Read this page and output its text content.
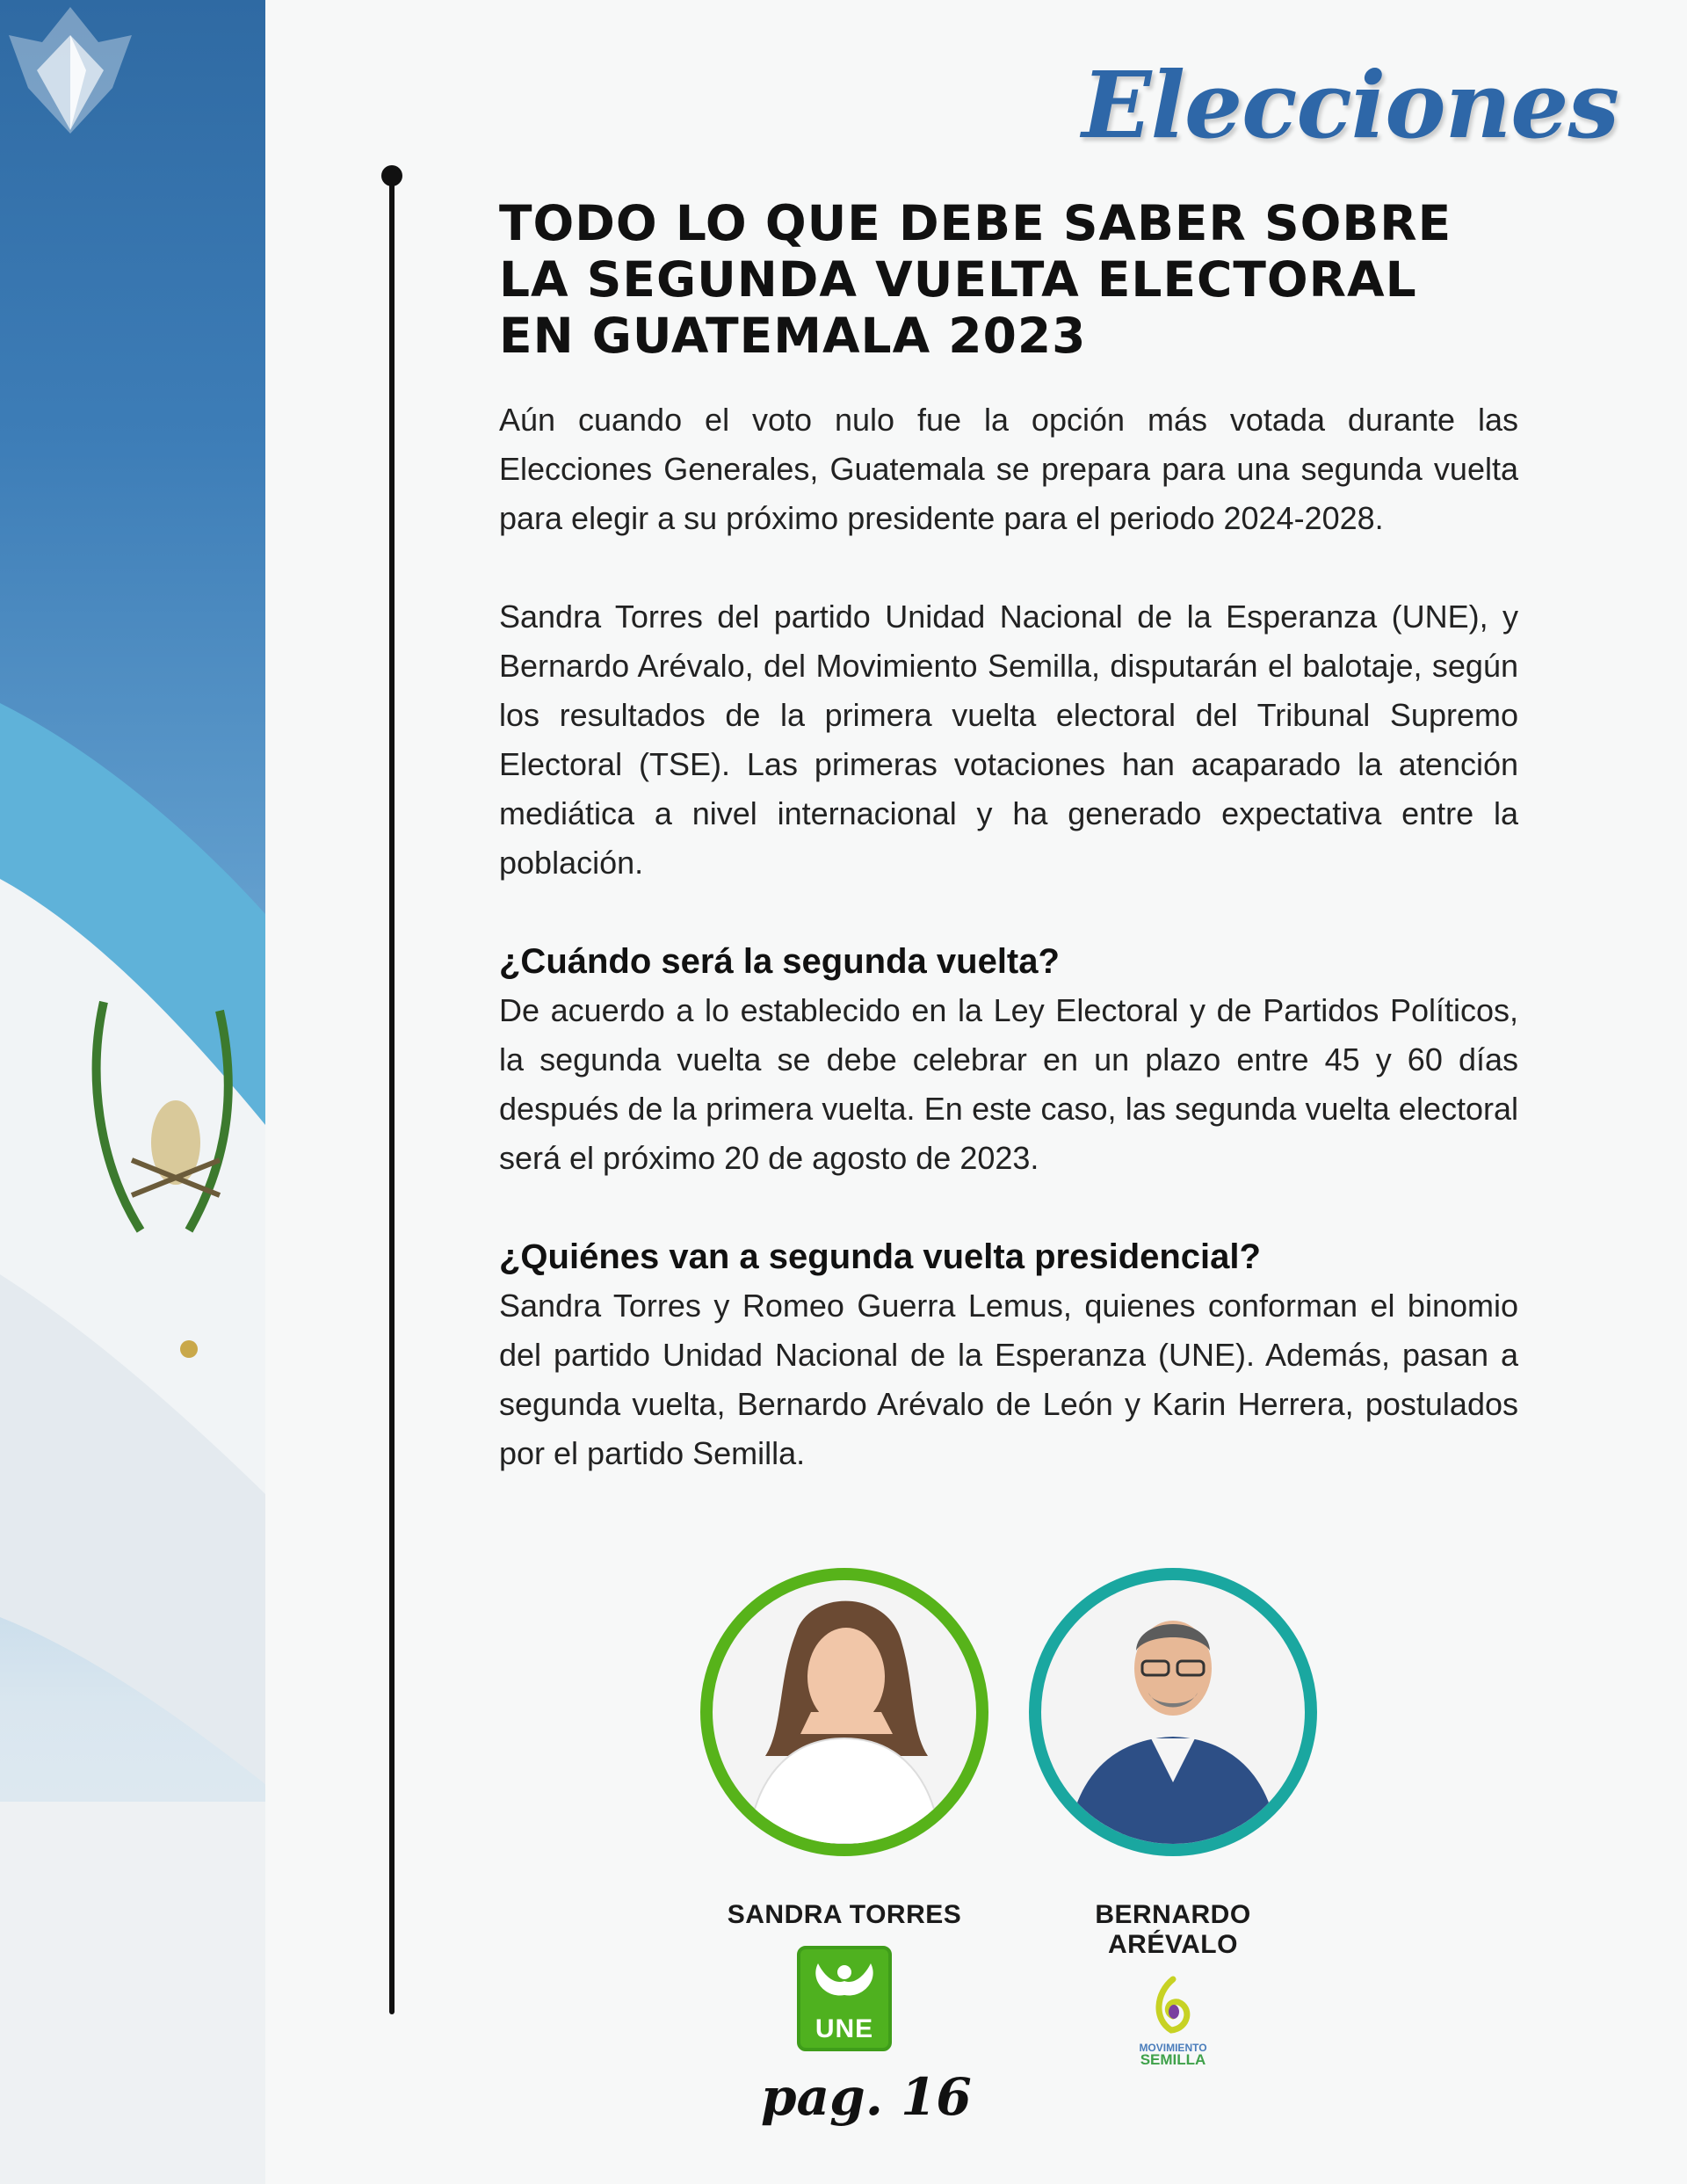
Elecciones
TODO LO QUE DEBE SABER SOBRE
LA SEGUNDA VUELTA ELECTORAL
EN GUATEMALA 2023

Aún cuando el voto nulo fue la opción más votada durante las Elecciones Generales, Guatemala se prepara para una segunda vuelta para elegir a su próximo presidente para el periodo 2024-2028.

Sandra Torres del partido Unidad Nacional de la Esperanza (UNE), y Bernardo Arévalo, del Movimiento Semilla, disputarán el balotaje, según los resultados de la primera vuelta electoral del Tribunal Supremo Electoral (TSE). Las primeras votaciones han acaparado la atención mediática a nivel internacional y ha generado expectativa entre la población.

¿Cuándo será la segunda vuelta?

De acuerdo a lo establecido en la Ley Electoral y de Partidos Políticos, la segunda vuelta se debe celebrar en un plazo entre 45 y 60 días después de la primera vuelta. En este caso, las segunda vuelta electoral será el próximo 20 de agosto de 2023.

¿Quiénes van a segunda vuelta presidencial?

Sandra Torres y Romeo Guerra Lemus, quienes conforman el binomio del partido Unidad Nacional de la Esperanza (UNE). Además, pasan a segunda vuelta, Bernardo Arévalo de León y Karin Herrera, postulados por el partido Semilla.

SANDRA TORRES
UNE
BERNARDO ARÉVALO
MOVIMIENTO
SEMILLA
pag. 16
